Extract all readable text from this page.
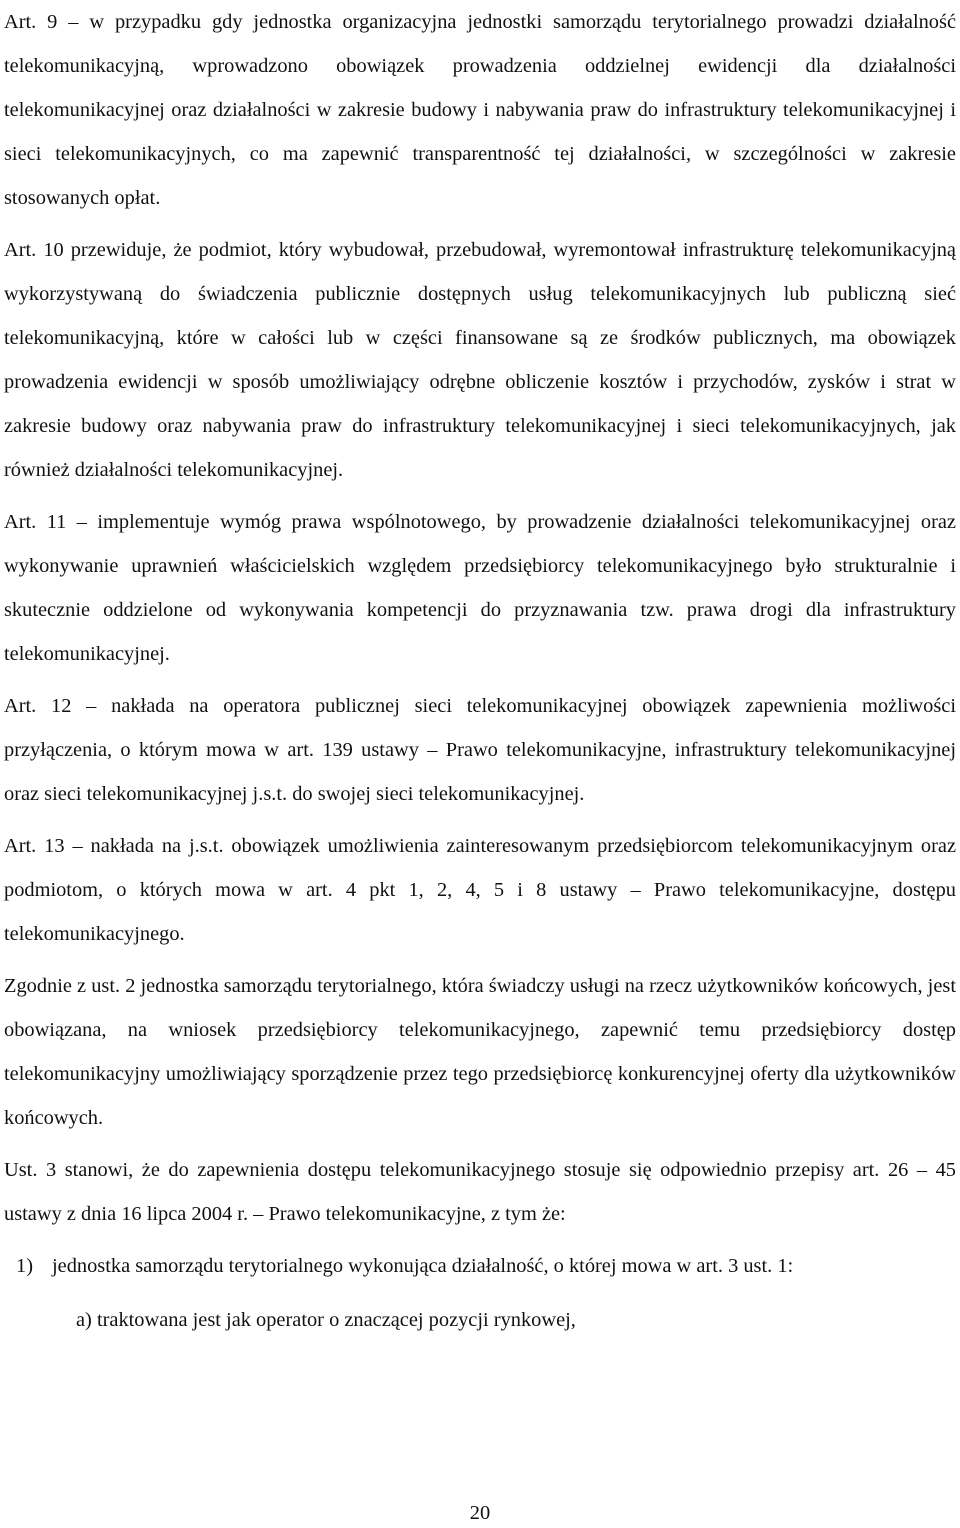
Art. 9 – w przypadku gdy jednostka organizacyjna jednostki samorządu terytorialnego prowadzi działalność telekomunikacyjną, wprowadzono obowiązek prowadzenia oddzielnej ewidencji dla działalności telekomunikacyjnej oraz działalności w zakresie budowy i nabywania praw do infrastruktury telekomunikacyjnej i sieci telekomunikacyjnych, co ma zapewnić transparentność tej działalności, w szczególności w zakresie stosowanych opłat.

Art. 10 przewiduje, że podmiot, który wybudował, przebudował, wyremontował infrastrukturę telekomunikacyjną wykorzystywaną do świadczenia publicznie dostępnych usług telekomunikacyjnych lub publiczną sieć telekomunikacyjną, które w całości lub w części finansowane są ze środków publicznych, ma obowiązek prowadzenia ewidencji w sposób umożliwiający odrębne obliczenie kosztów i przychodów, zysków i strat w zakresie budowy oraz nabywania praw do infrastruktury telekomunikacyjnej i sieci telekomunikacyjnych, jak również działalności telekomunikacyjnej.

Art. 11 – implementuje wymóg prawa wspólnotowego, by prowadzenie działalności telekomunikacyjnej oraz wykonywanie uprawnień właścicielskich względem przedsiębiorcy telekomunikacyjnego było strukturalnie i skutecznie oddzielone od wykonywania kompetencji do przyznawania tzw. prawa drogi dla infrastruktury telekomunikacyjnej.

Art. 12 – nakłada na operatora publicznej sieci telekomunikacyjnej obowiązek zapewnienia możliwości przyłączenia, o którym mowa w art. 139 ustawy – Prawo telekomunikacyjne, infrastruktury telekomunikacyjnej oraz sieci telekomunikacyjnej j.s.t. do swojej sieci telekomunikacyjnej.

Art. 13 – nakłada na j.s.t. obowiązek umożliwienia zainteresowanym przedsiębiorcom telekomunikacyjnym oraz podmiotom, o których mowa w art. 4 pkt 1, 2, 4, 5 i 8 ustawy – Prawo telekomunikacyjne, dostępu telekomunikacyjnego.

Zgodnie z ust. 2 jednostka samorządu terytorialnego, która świadczy usługi na rzecz użytkowników końcowych, jest obowiązana, na wniosek przedsiębiorcy telekomunikacyjnego, zapewnić temu przedsiębiorcy dostęp telekomunikacyjny umożliwiający sporządzenie przez tego przedsiębiorcę konkurencyjnej oferty dla użytkowników końcowych.

Ust. 3 stanowi, że do zapewnienia dostępu telekomunikacyjnego stosuje się odpowiednio przepisy art. 26 – 45 ustawy z dnia 16 lipca 2004 r. – Prawo telekomunikacyjne, z tym że:

1) jednostka samorządu terytorialnego wykonująca działalność, o której mowa w art. 3 ust. 1:
a) traktowana jest jak operator o znaczącej pozycji rynkowej,
20
